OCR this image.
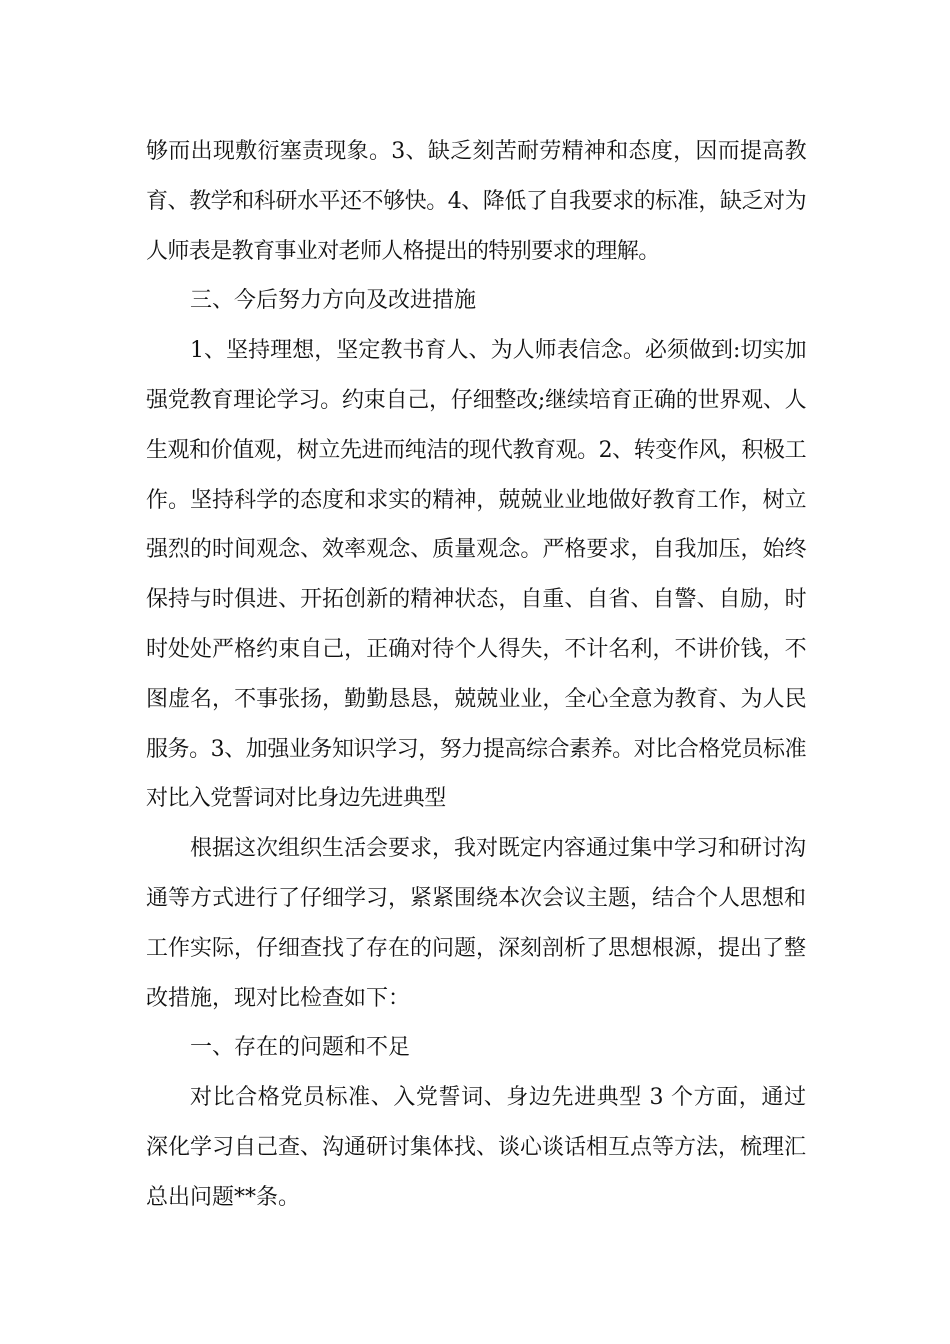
够而出现敷衍塞责现象。3、缺乏刻苦耐劳精神和态度，因而提高教育、教学和科研水平还不够快。4、降低了自我要求的标准，缺乏对为人师表是教育事业对老师人格提出的特别要求的理解。

三、今后努力方向及改进措施

1、坚持理想，坚定教书育人、为人师表信念。必须做到:切实加强党教育理论学习。约束自己，仔细整改;继续培育正确的世界观、人生观和价值观，树立先进而纯洁的现代教育观。2、转变作风，积极工作。坚持科学的态度和求实的精神，兢兢业业地做好教育工作，树立强烈的时间观念、效率观念、质量观念。严格要求，自我加压，始终保持与时俱进、开拓创新的精神状态，自重、自省、自警、自励，时时处处严格约束自己，正确对待个人得失，不计名利，不讲价钱，不图虚名，不事张扬，勤勤恳恳，兢兢业业，全心全意为教育、为人民服务。3、加强业务知识学习，努力提高综合素养。对比合格党员标准对比入党誓词对比身边先进典型

根据这次组织生活会要求，我对既定内容通过集中学习和研讨沟通等方式进行了仔细学习，紧紧围绕本次会议主题，结合个人思想和工作实际，仔细查找了存在的问题，深刻剖析了思想根源，提出了整改措施，现对比检查如下：

一、存在的问题和不足

对比合格党员标准、入党誓词、身边先进典型 3 个方面，通过深化学习自己查、沟通研讨集体找、谈心谈话相互点等方法，梳理汇总出问题**条。
